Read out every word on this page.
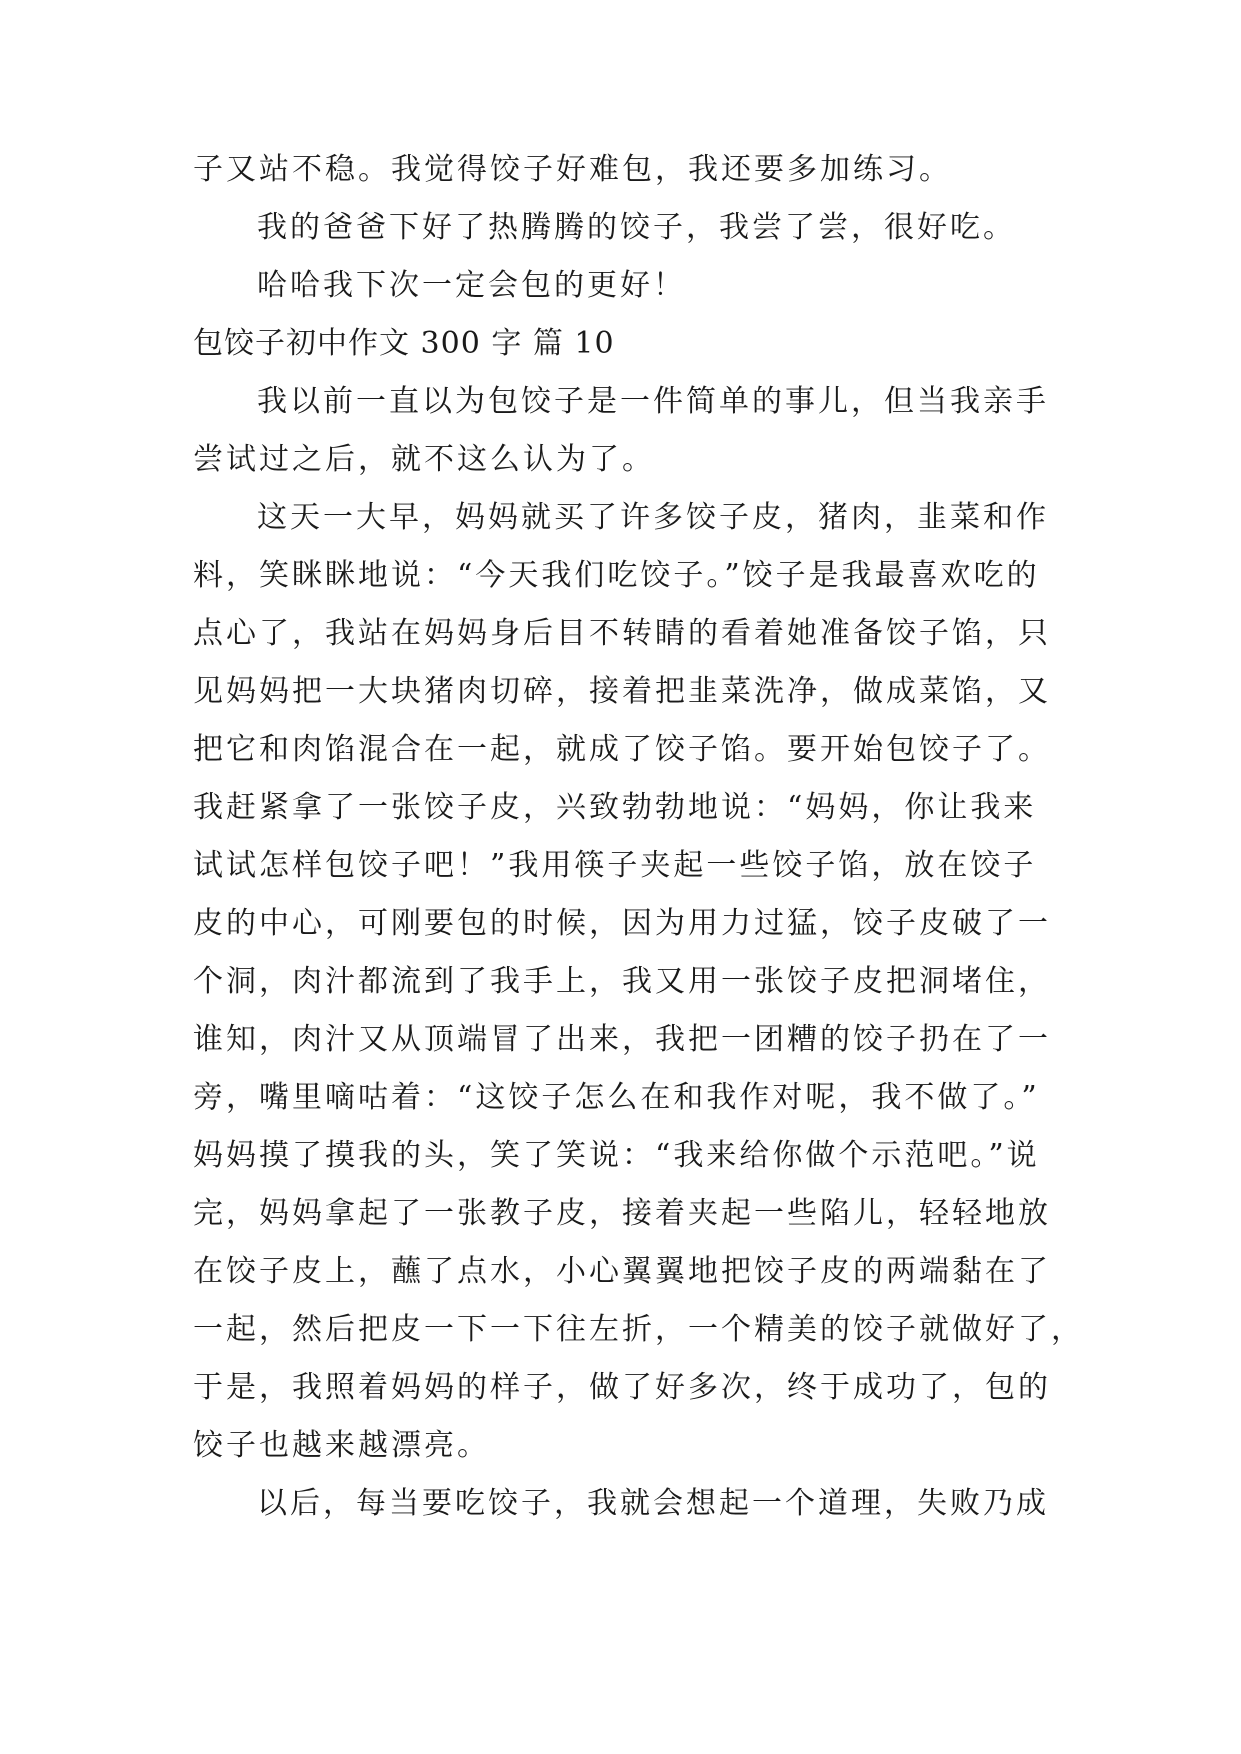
子又站不稳。我觉得饺子好难包，我还要多加练习。
我的爸爸下好了热腾腾的饺子，我尝了尝，很好吃。
哈哈我下次一定会包的更好！
包饺子初中作文 300 字 篇 10
我以前一直以为包饺子是一件简单的事儿，但当我亲手
尝试过之后，就不这么认为了。
这天一大早，妈妈就买了许多饺子皮，猪肉，韭菜和作
料，笑眯眯地说：“今天我们吃饺子。”饺子是我最喜欢吃的
点心了，我站在妈妈身后目不转睛的看着她准备饺子馅，只
见妈妈把一大块猪肉切碎，接着把韭菜洗净，做成菜馅，又
把它和肉馅混合在一起，就成了饺子馅。要开始包饺子了。
我赶紧拿了一张饺子皮，兴致勃勃地说：“妈妈，你让我来
试试怎样包饺子吧！”我用筷子夹起一些饺子馅，放在饺子
皮的中心，可刚要包的时候，因为用力过猛，饺子皮破了一
个洞，肉汁都流到了我手上，我又用一张饺子皮把洞堵住，
谁知，肉汁又从顶端冒了出来，我把一团糟的饺子扔在了一
旁，嘴里嘀咕着：“这饺子怎么在和我作对呢，我不做了。”
妈妈摸了摸我的头，笑了笑说：“我来给你做个示范吧。”说
完，妈妈拿起了一张教子皮，接着夹起一些陷儿，轻轻地放
在饺子皮上，蘸了点水，小心翼翼地把饺子皮的两端黏在了
一起，然后把皮一下一下往左折，一个精美的饺子就做好了，
于是，我照着妈妈的样子，做了好多次，终于成功了，包的
饺子也越来越漂亮。
以后，每当要吃饺子，我就会想起一个道理，失败乃成
